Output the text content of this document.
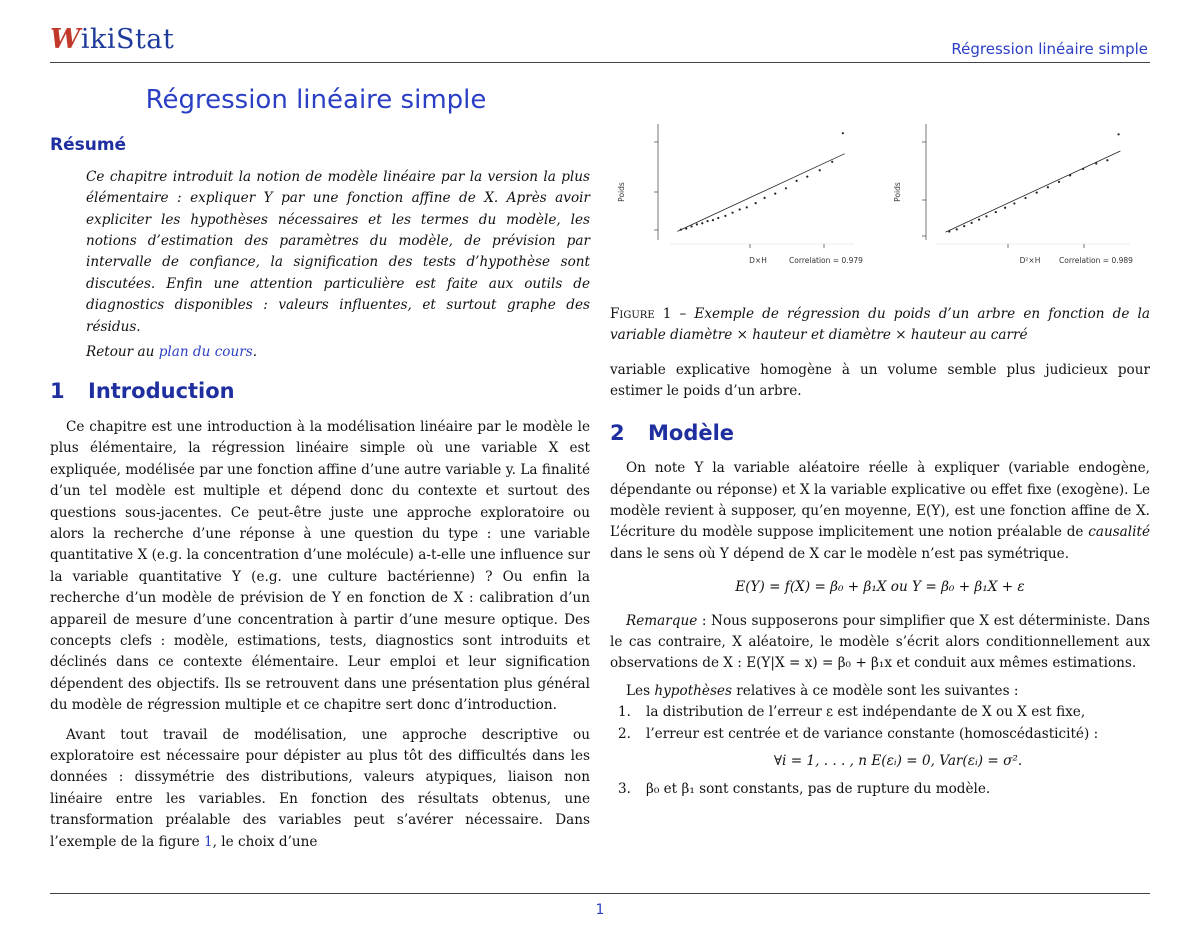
WikiStat	Régression linéaire simple
Régression linéaire simple
Résumé

Ce chapitre introduit la notion de modèle linéaire par la version la plus élémentaire : expliquer Y par une fonction affine de X. Après avoir expliciter les hypothèses nécessaires et les termes du modèle, les notions d’estimation des paramètres du modèle, de prévision par intervalle de confiance, la signification des tests d’hypothèse sont discutées. Enfin une attention particulière est faite aux outils de diagnostics disponibles : valeurs influentes, et surtout graphe des résidus.

Retour au plan du cours.

1 Introduction

Ce chapitre est une introduction à la modélisation linéaire par le modèle le plus élémentaire, la régression linéaire simple où une variable X est expliquée, modélisée par une fonction affine d’une autre variable y. La finalité d’un tel modèle est multiple et dépend donc du contexte et surtout des questions sous-jacentes. Ce peut-être juste une approche exploratoire ou alors la recherche d’une réponse à une question du type : une variable quantitative X (e.g. la concentration d’une molécule) a-t-elle une influence sur la variable quantitative Y (e.g. une culture bactérienne) ? Ou enfin la recherche d’un modèle de prévision de Y en fonction de X : calibration d’un appareil de mesure d’une concentration à partir d’une mesure optique. Des concepts clefs : modèle, estimations, tests, diagnostics sont introduits et déclinés dans ce contexte élémentaire. Leur emploi et leur signification dépendent des objectifs. Ils se retrouvent dans une présentation plus général du modèle de régression multiple et ce chapitre sert donc d’introduction.

Avant tout travail de modélisation, une approche descriptive ou exploratoire est nécessaire pour dépister au plus tôt des difficultés dans les données : dissymétrie des distributions, valeurs atypiques, liaison non linéaire entre les variables. En fonction des résultats obtenus, une transformation préalable des variables peut s’avérer nécessaire. Dans l’exemple de la figure 1, le choix d’une

Poids
D×H	Correlation = 0.979
Poids
D²×H Correlation = 0.989
Figure 1 – Exemple de régression du poids d’un arbre en fonction de la variable diamètre × hauteur et diamètre × hauteur au carré

variable explicative homogène à un volume semble plus judicieux pour estimer le poids d’un arbre.

2 Modèle

On note Y la variable aléatoire réelle à expliquer (variable endogène, dépendante ou réponse) et X la variable explicative ou effet fixe (exogène). Le modèle revient à supposer, qu’en moyenne, E(Y), est une fonction affine de X. L’écriture du modèle suppose implicitement une notion préalable de causalité dans le sens où Y dépend de X car le modèle n’est pas symétrique.

E(Y) = f(X) = β₀ + β₁X ou Y = β₀ + β₁X + ε

Remarque : Nous supposerons pour simplifier que X est déterministe. Dans le cas contraire, X aléatoire, le modèle s’écrit alors conditionnellement aux observations de X : E(Y|X = x) = β₀ + β₁x et conduit aux mêmes estimations.

Les hypothèses relatives à ce modèle sont les suivantes :

1. la distribution de l’erreur ε est indépendante de X ou X est fixe,
2. l’erreur est centrée et de variance constante (homoscédasticité) :
∀i = 1, . . . , n E(εᵢ) = 0, Var(εᵢ) = σ².
3. β₀ et β₁ sont constants, pas de rupture du modèle.
1
